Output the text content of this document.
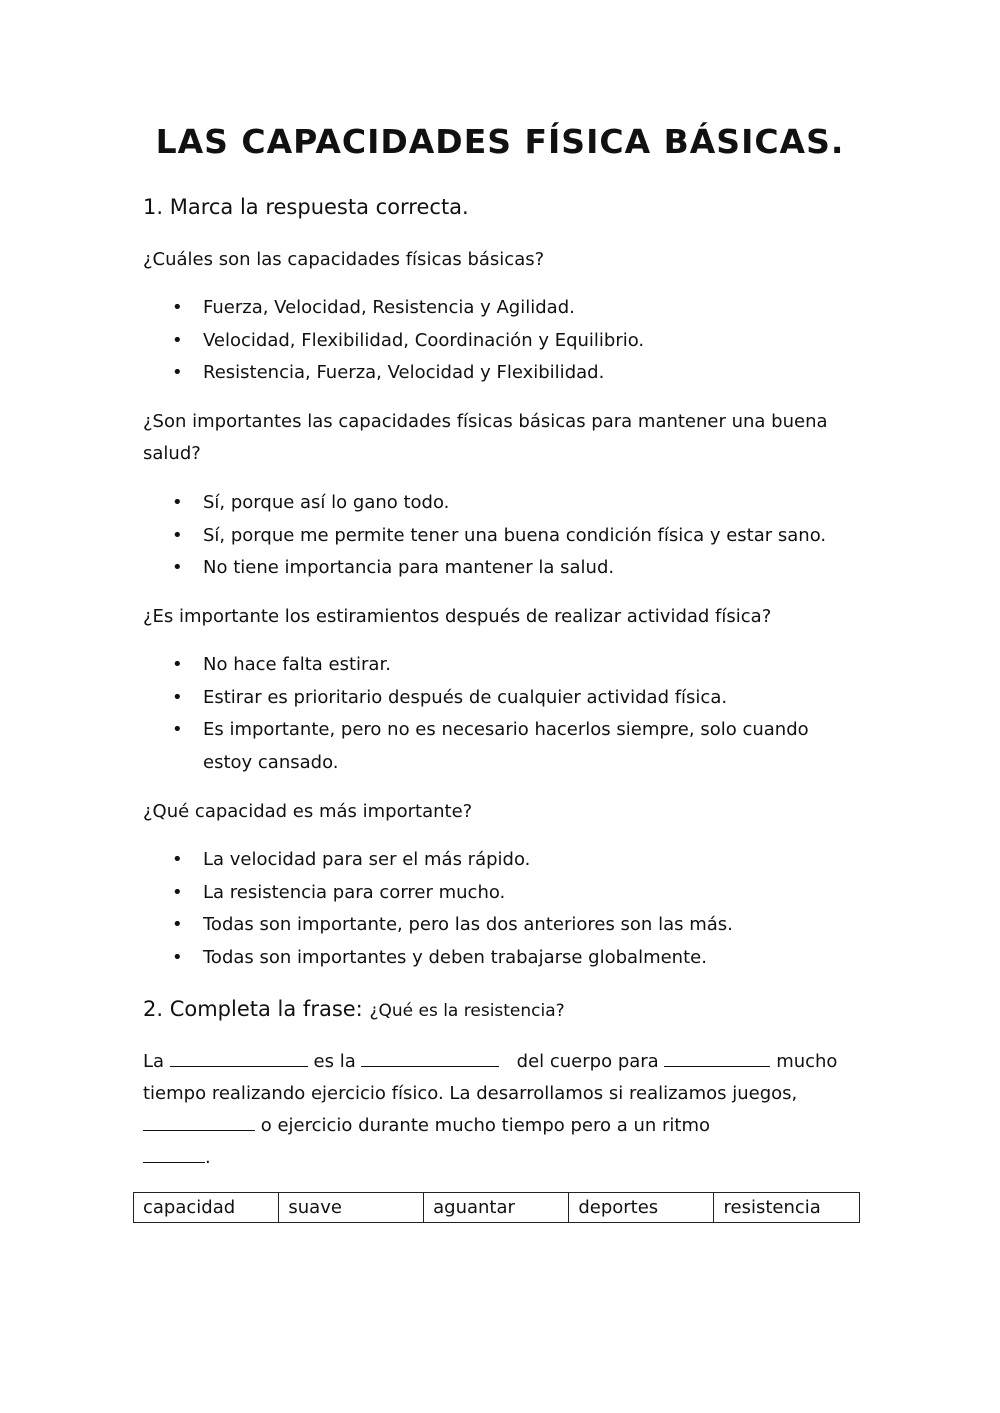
LAS CAPACIDADES FÍSICA BÁSICAS.
1. Marca la respuesta correcta.
¿Cuáles son las capacidades físicas básicas?
• Fuerza, Velocidad, Resistencia y Agilidad.
• Velocidad, Flexibilidad, Coordinación y Equilibrio.
• Resistencia, Fuerza, Velocidad y Flexibilidad.
¿Son importantes las capacidades físicas básicas para mantener una buena salud?
• Sí, porque así lo gano todo.
• Sí, porque me permite tener una buena condición física y estar sano.
• No tiene importancia para mantener la salud.
¿Es importante los estiramientos después de realizar actividad física?
• No hace falta estirar.
• Estirar es prioritario después de cualquier actividad física.
• Es importante, pero no es necesario hacerlos siempre, solo cuando estoy cansado.
¿Qué capacidad es más importante?
• La velocidad para ser el más rápido.
• La resistencia para correr mucho.
• Todas son importante, pero las dos anteriores son las más.
• Todas son importantes y deben trabajarse globalmente.
2. Completa la frase: ¿Qué es la resistencia?
La	es la	del cuerpo para	mucho tiempo realizando ejercicio físico. La desarrollamos si realizamos juegos,  o ejercicio durante mucho tiempo pero a un ritmo
.
capacidad	suave	aguantar	deportes	resistencia
